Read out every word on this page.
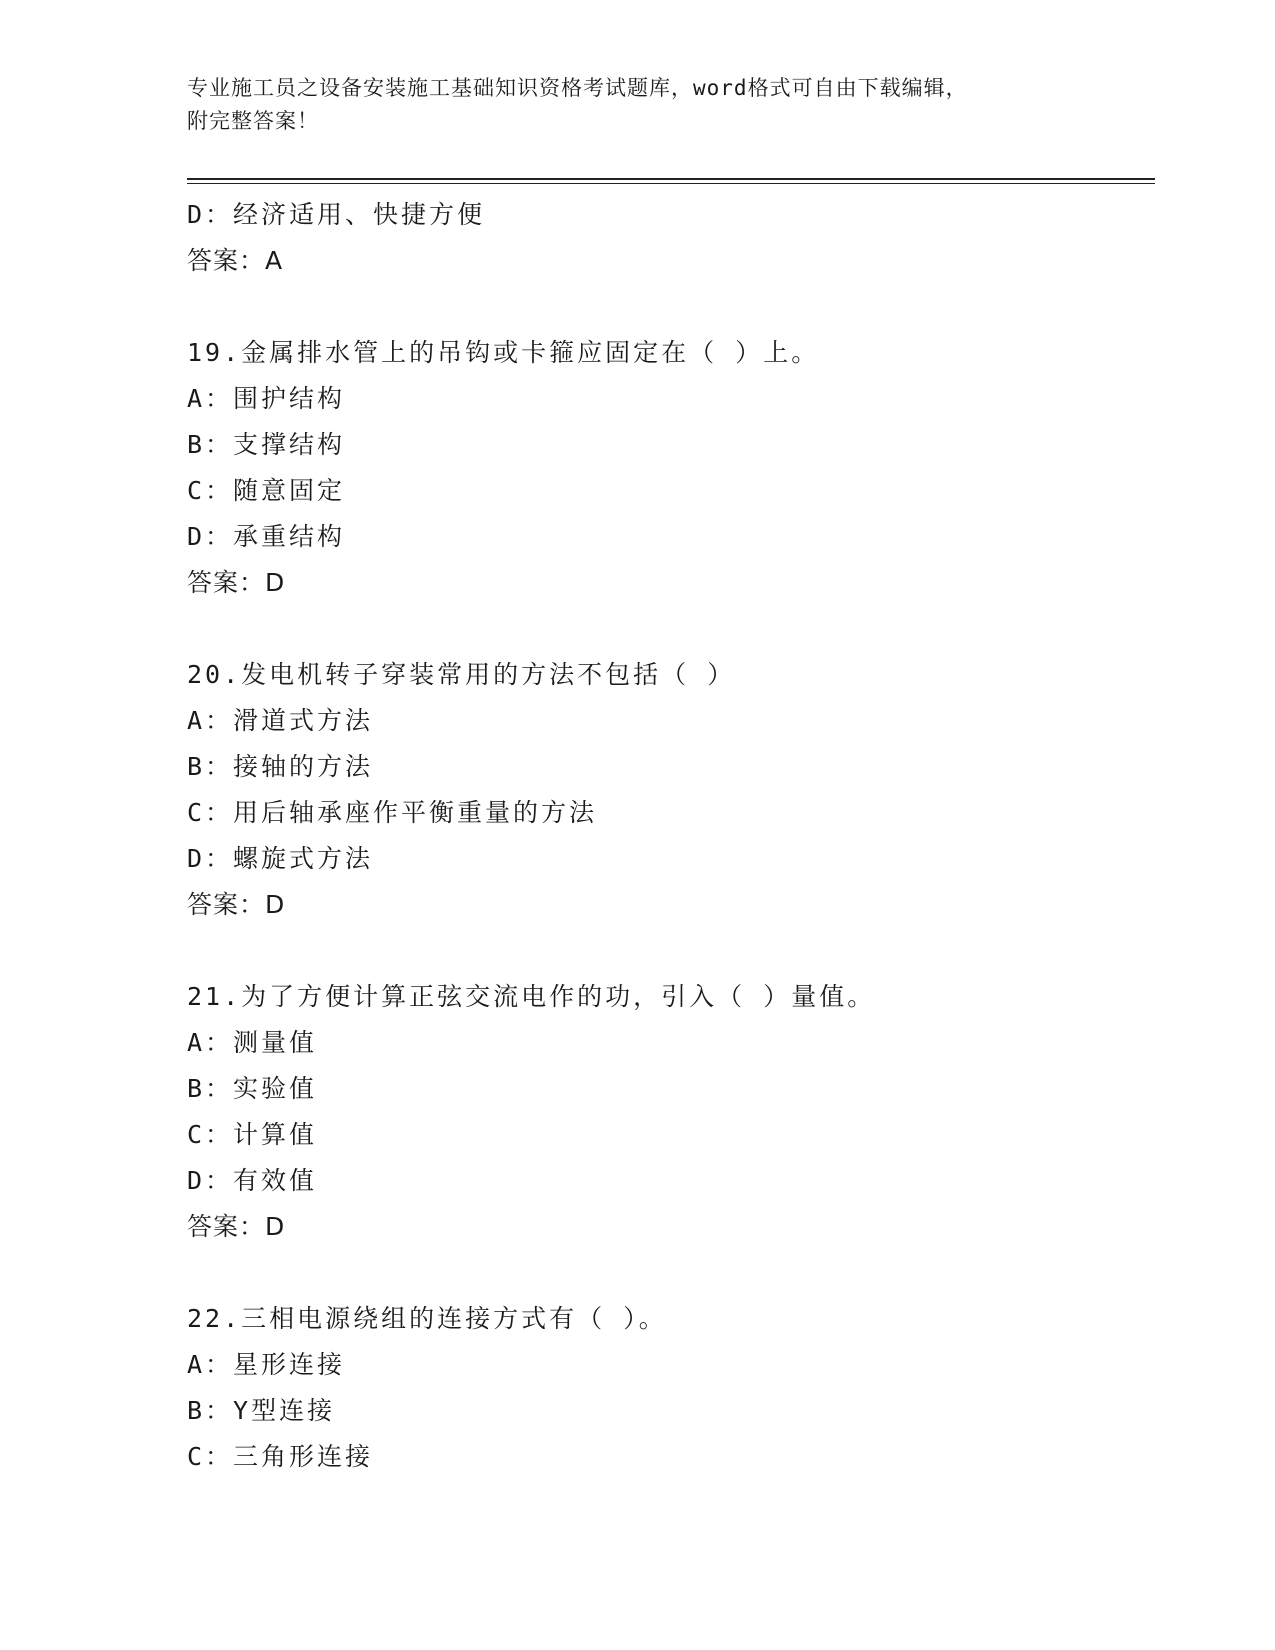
专业施工员之设备安装施工基础知识资格考试题库，word格式可自由下载编辑，
附完整答案！
D：经济适用、快捷方便
答案：A
19.金属排水管上的吊钩或卡箍应固定在（ ）上。
A：围护结构
B：支撑结构
C：随意固定
D：承重结构
答案：D
20.发电机转子穿装常用的方法不包括（ ）
A：滑道式方法
B：接轴的方法
C：用后轴承座作平衡重量的方法
D：螺旋式方法
答案：D
21.为了方便计算正弦交流电作的功，引入（ ）量值。
A：测量值
B：实验值
C：计算值
D：有效值
答案：D
22.三相电源绕组的连接方式有（ ）。
A：星形连接
B：Y型连接
C：三角形连接
